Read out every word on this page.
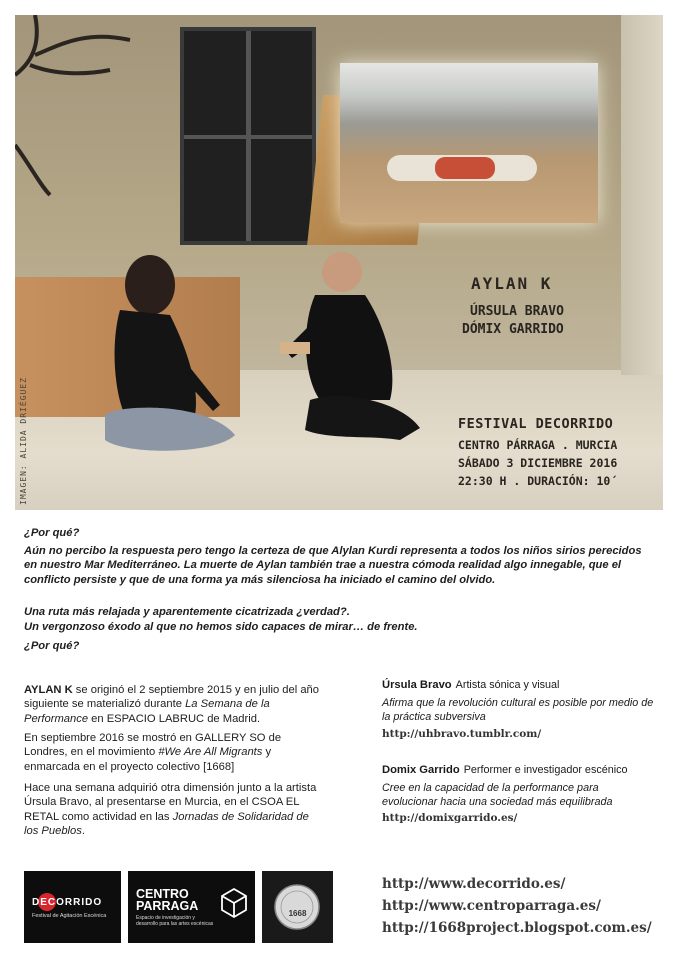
IMAGEN: ALIDA DRIÉGUEZ
AYLAN K
ÚRSULA BRAVO
DÓMIX GARRIDO
FESTIVAL DECORRIDO
CENTRO PÁRRAGA . MURCIA
SÁBADO 3 DICIEMBRE 2016
22:30 H . DURACIÓN: 10´

¿Por qué?

Aún no percibo la respuesta pero tengo la certeza de que Alylan Kurdi representa a todos los niños sirios perecidos en nuestro Mar Mediterráneo. La muerte de Aylan también trae a nuestra cómoda realidad algo innegable, que el conflicto persiste y que de una forma ya más silenciosa ha iniciado el camino del olvido.

Una ruta más relajada y aparentemente cicatrizada ¿verdad?.

Un vergonzoso éxodo al que no hemos sido capaces de mirar… de frente.

¿Por qué?

AYLAN K se originó el 2 septiembre 2015 y en julio del año siguiente se materializó durante La Semana de la Performance en ESPACIO LABRUC de Madrid.

En septiembre 2016 se mostró en GALLERY SO de Londres, en el movimiento #We Are All Migrants y enmarcada en el proyecto colectivo [1668]

Hace una semana adquirió otra dimensión junto a la artista Úrsula Bravo, al presentarse en Murcia, en el CSOA EL RETAL como actividad en las Jornadas de Solidaridad de los Pueblos.

Úrsula Bravo Artista sónica y visual

Afirma que la revolución cultural es posible por medio de la práctica subversiva

http://uhbravo.tumblr.com/
Domix Garrido Performer e investigador escénico

Cree en la capacidad de la performance para evolucionar hacia una sociedad más equilibrada

http://domixgarrido.es/
DECORRIDO
Festival de Agitación Escénica
CENTRO PARRAGA
Espacio de investigación y desarrollo para las artes escénicas
1668
http://www.decorrido.es/
http://www.centroparraga.es/
http://1668project.blogspot.com.es/
